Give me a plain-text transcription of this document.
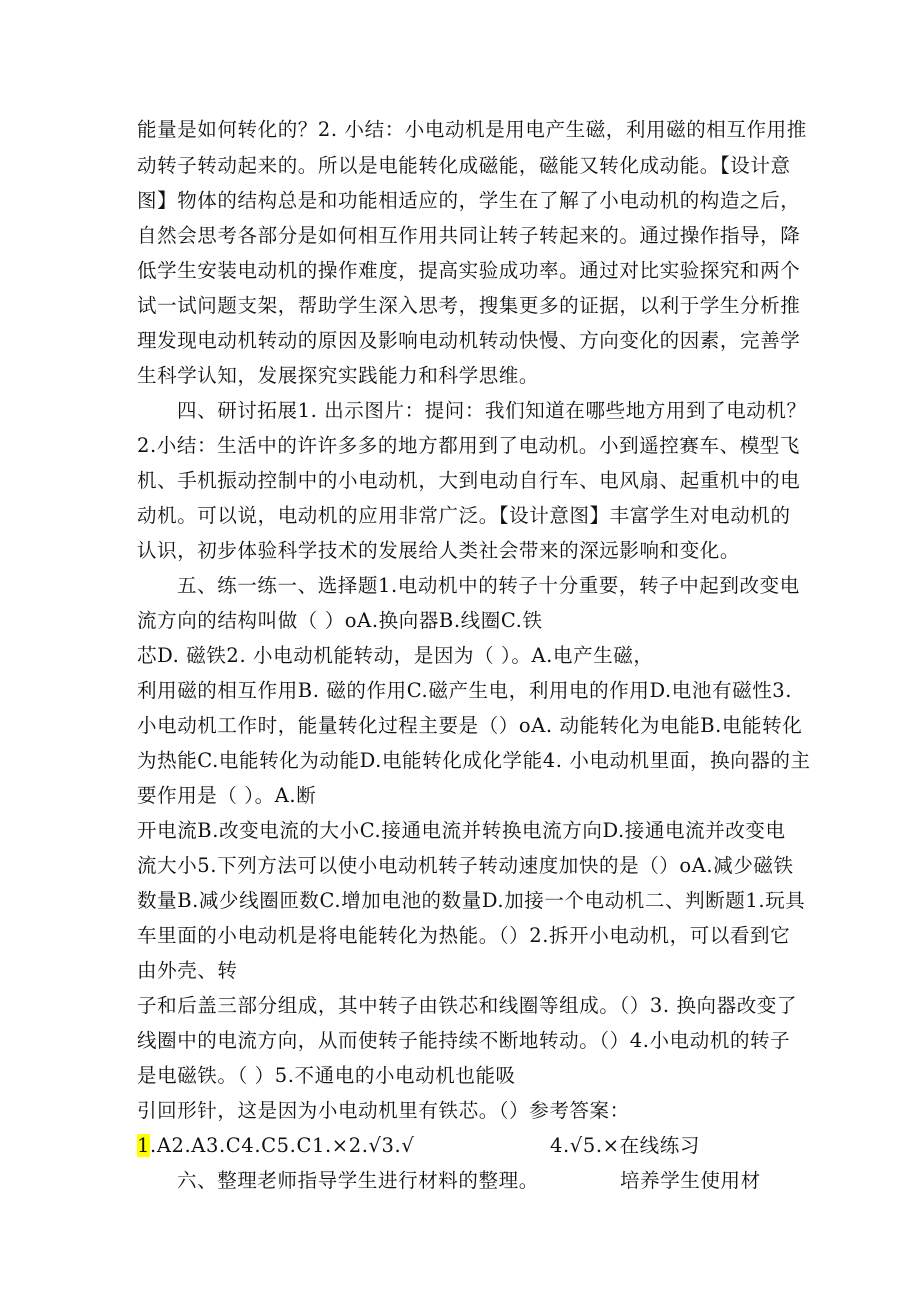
能量是如何转化的？2. 小结：小电动机是用电产生磁，利用磁的相互作用推
动转子转动起来的。所以是电能转化成磁能，磁能又转化成动能。【设计意
图】物体的结构总是和功能相适应的，学生在了解了小电动机的构造之后，
自然会思考各部分是如何相互作用共同让转子转起来的。通过操作指导，降
低学生安装电动机的操作难度，提高实验成功率。通过对比实验探究和两个
试一试问题支架，帮助学生深入思考，搜集更多的证据，以利于学生分析推
理发现电动机转动的原因及影响电动机转动快慢、方向变化的因素，完善学
生科学认知，发展探究实践能力和科学思维。
四、研讨拓展1. 出示图片：提问：我们知道在哪些地方用到了电动机？
2.小结：生活中的许许多多的地方都用到了电动机。小到遥控赛车、模型飞
机、手机振动控制中的小电动机，大到电动自行车、电风扇、起重机中的电
动机。可以说，电动机的应用非常广泛。【设计意图】丰富学生对电动机的
认识，初步体验科学技术的发展给人类社会带来的深远影响和变化。
五、练一练一、选择题1.电动机中的转子十分重要，转子中起到改变电
流方向的结构叫做（ ）oA.换向器B.线圈C.铁
芯D. 磁铁2. 小电动机能转动，是因为（ ）。A.电产生磁，
利用磁的相互作用B. 磁的作用C.磁产生电，利用电的作用D.电池有磁性3.
小电动机工作时，能量转化过程主要是（）oA. 动能转化为电能B.电能转化
为热能C.电能转化为动能D.电能转化成化学能4. 小电动机里面，换向器的主
要作用是（ ）。A.断
开电流B.改变电流的大小C.接通电流并转换电流方向D.接通电流并改变电
流大小5.下列方法可以使小电动机转子转动速度加快的是（）oA.减少磁铁
数量B.减少线圈匝数C.增加电池的数量D.加接一个电动机二、判断题1.玩具
车里面的小电动机是将电能转化为热能。（）2.拆开小电动机，可以看到它
由外壳、转
子和后盖三部分组成，其中转子由铁芯和线圈等组成。（）3. 换向器改变了
线圈中的电流方向，从而使转子能持续不断地转动。（）4.小电动机的转子
是电磁铁。（ ）5.不通电的小电动机也能吸
引回形针，这是因为小电动机里有铁芯。（）参考答案：
1.A2.A3.C4.C5.C1.×2.√3.√	4.√5.×在线练习
六、整理老师指导学生进行材料的整理。	培养学生使用材
